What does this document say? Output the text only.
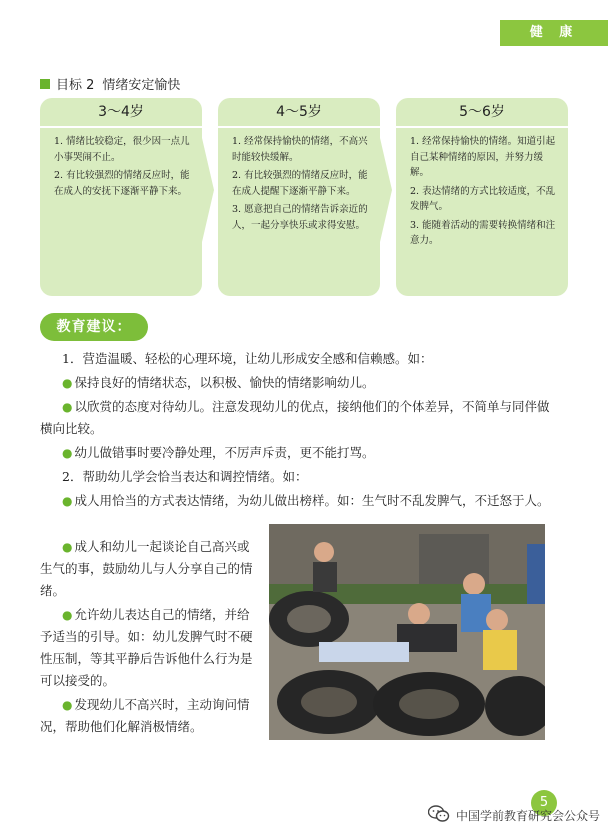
健 康
目标 2 情绪安定愉快
3～4岁
1. 情绪比较稳定，很少因一点儿小事哭闹不止。
2. 有比较强烈的情绪反应时，能在成人的安抚下逐渐平静下来。
4～5岁
1. 经常保持愉快的情绪，不高兴时能较快缓解。
2. 有比较强烈的情绪反应时，能在成人提醒下逐渐平静下来。
3. 愿意把自己的情绪告诉亲近的人，一起分享快乐或求得安慰。
5～6岁
1. 经常保持愉快的情绪。知道引起自己某种情绪的原因，并努力缓解。
2. 表达情绪的方式比较适度，不乱发脾气。
3. 能随着活动的需要转换情绪和注意力。
教育建议：
1．营造温暖、轻松的心理环境，让幼儿形成安全感和信赖感。如：
● 保持良好的情绪状态，以积极、愉快的情绪影响幼儿。
● 以欣赏的态度对待幼儿。注意发现幼儿的优点，接纳他们的个体差异，不简单与同伴做横向比较。
● 幼儿做错事时要冷静处理，不厉声斥责，更不能打骂。
2．帮助幼儿学会恰当表达和调控情绪。如：
● 成人用恰当的方式表达情绪，为幼儿做出榜样。如：生气时不乱发脾气，不迁怒于人。
● 成人和幼儿一起谈论自己高兴或生气的事，鼓励幼儿与人分享自己的情绪。
● 允许幼儿表达自己的情绪，并给予适当的引导。如：幼儿发脾气时不硬性压制，等其平静后告诉他什么行为是可以接受的。
● 发现幼儿不高兴时，主动询问情况，帮助他们化解消极情绪。
5
中国学前教育研究会公众号
